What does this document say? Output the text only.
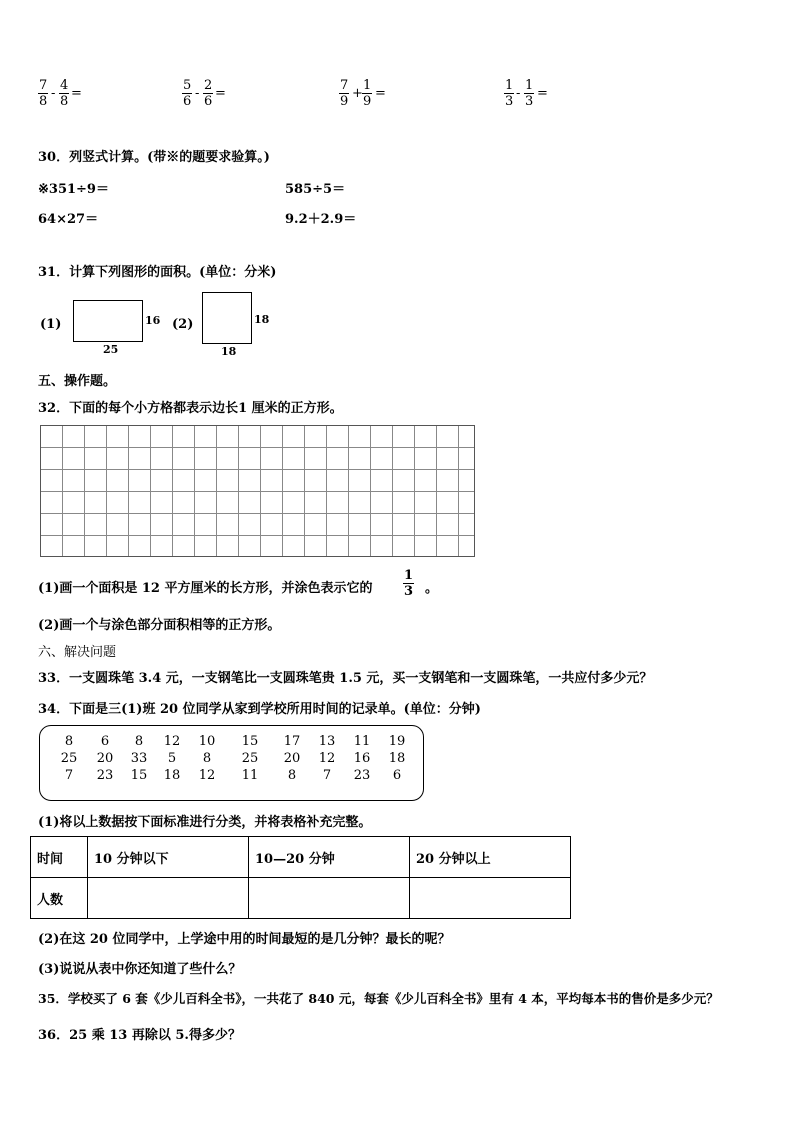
$\frac{7}{8} - \frac{4}{8}$ =	$\frac{5}{6} - \frac{2}{6}$ =	$\frac{7}{9} + \frac{1}{9}$ =	$\frac{1}{3} - \frac{1}{3}$ =
30．列竖式计算。(带※的题要求验算。)
※351÷9＝	585÷5＝
64×27＝	9.2＋2.9＝
31．计算下列图形的面积。(单位：分米)
(1)	16
25
(2)	18
18
五、操作题。
32．下面的每个小方格都表示边长1 厘米的正方形。
(1)画一个面积是 12 平方厘米的长方形，并涂色表示它的 $\frac{1}{3}$ 。
(2)画一个与涂色部分面积相等的正方形。
六、解决问题
33．一支圆珠笔 3.4 元，一支钢笔比一支圆珠笔贵 1.5 元，买一支钢笔和一支圆珠笔，一共应付多少元？
34．下面是三(1)班 20 位同学从家到学校所用时间的记录单。(单位：分钟)
8	6	8	12	10	15	17	13	11	19
25	20	33	5	8	25	20	12	16	18
7	23	15	18	12	11	8	7	23	6
(1)将以上数据按下面标准进行分类，并将表格补充完整。
时间	10 分钟以下	10—20 分钟	20 分钟以上
人数			
(2)在这 20 位同学中，上学途中用的时间最短的是几分钟？最长的呢？
(3)说说从表中你还知道了些什么？
35．学校买了 6 套《少儿百科全书》，一共花了 840 元，每套《少儿百科全书》里有 4 本，平均每本书的售价是多少元？
36．25 乘 13 再除以 5.得多少？
